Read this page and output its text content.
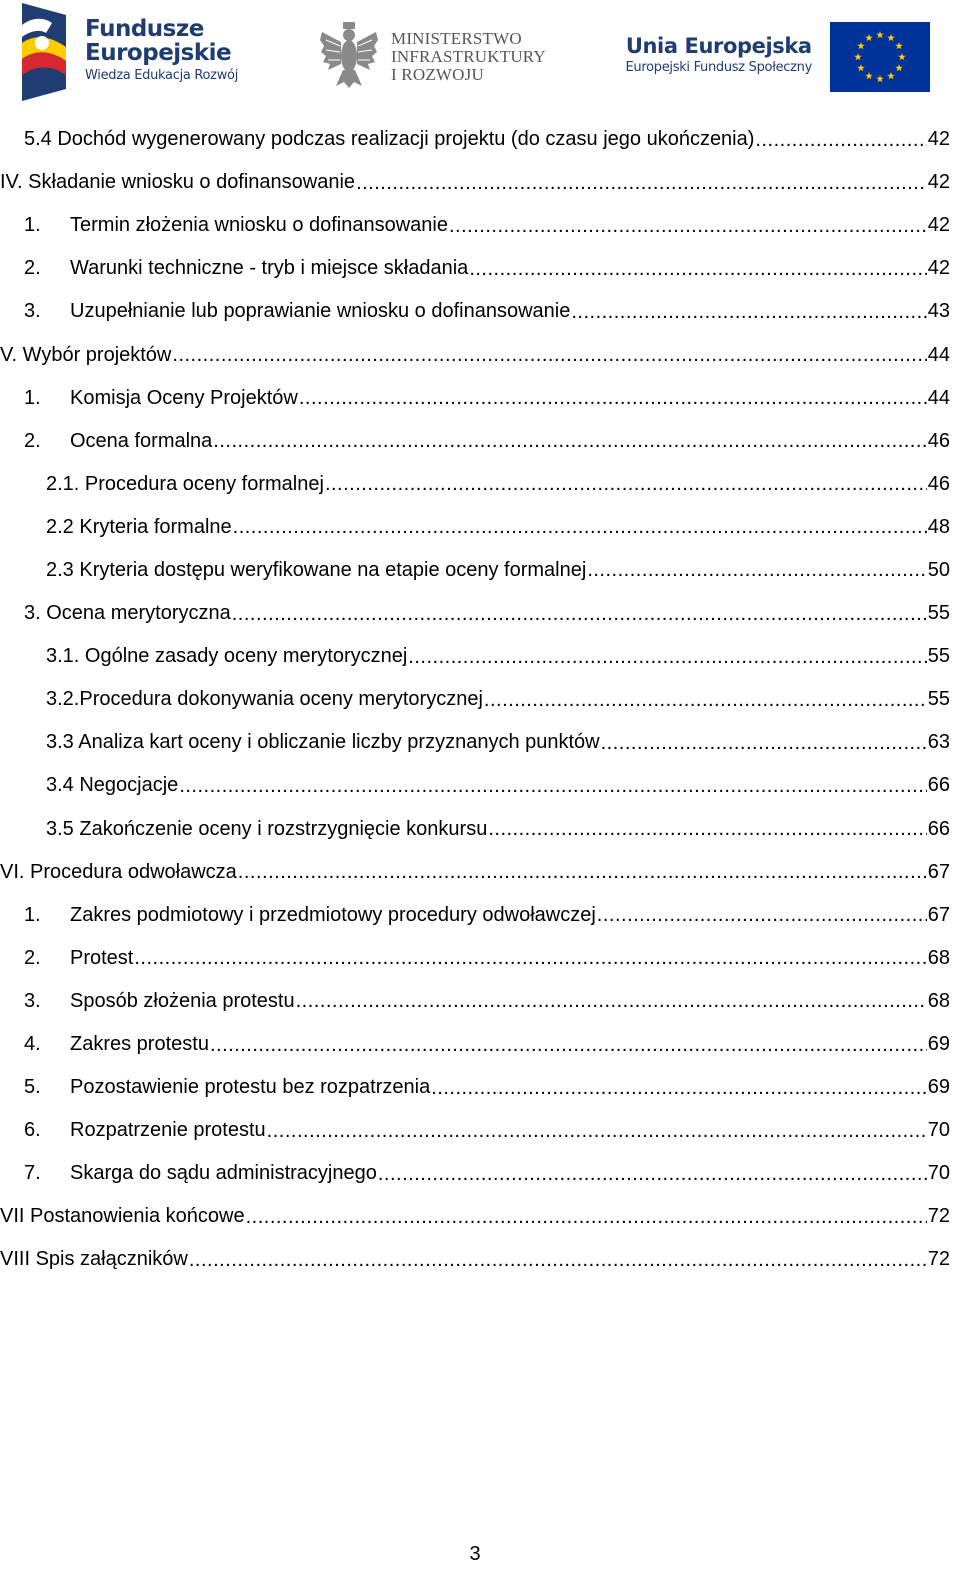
Fundusze
Europejskie
Wiedza Edukacja Rozwój
MINISTERSTWO
INFRASTRUKTURY
I ROZWOJU
Unia Europejska
Europejski Fundusz Społeczny
5.4 Dochód wygenerowany podczas realizacji projektu (do czasu jego ukończenia) .....	42
IV. Składanie wniosku o dofinansowanie .....	42
1.	Termin złożenia wniosku o dofinansowanie .....	42
2.	Warunki techniczne - tryb i miejsce składania .....	42
3.	Uzupełnianie lub poprawianie wniosku o dofinansowanie .....	43
V. Wybór projektów .....	44
1.	Komisja Oceny Projektów .....	44
2.	Ocena formalna .....	46
2.1. Procedura oceny formalnej .....	46
2.2 Kryteria formalne .....	48
2.3 Kryteria dostępu weryfikowane na etapie oceny formalnej .....	50
3. Ocena merytoryczna .....	55
3.1. Ogólne zasady oceny merytorycznej .....	55
3.2.Procedura dokonywania oceny merytorycznej .....	55
3.3 Analiza kart oceny i obliczanie liczby przyznanych punktów .....	63
3.4 Negocjacje .....	66
3.5 Zakończenie oceny i rozstrzygnięcie konkursu .....	66
VI. Procedura odwoławcza .....	67
1.	Zakres podmiotowy i przedmiotowy procedury odwoławczej .....	67
2.	Protest .....	68
3.	Sposób złożenia protestu .....	68
4.	Zakres protestu .....	69
5.	Pozostawienie protestu bez rozpatrzenia .....	69
6.	Rozpatrzenie protestu .....	70
7.	Skarga do sądu administracyjnego .....	70
VII Postanowienia końcowe .....	72
VIII Spis załączników .....	72
3
